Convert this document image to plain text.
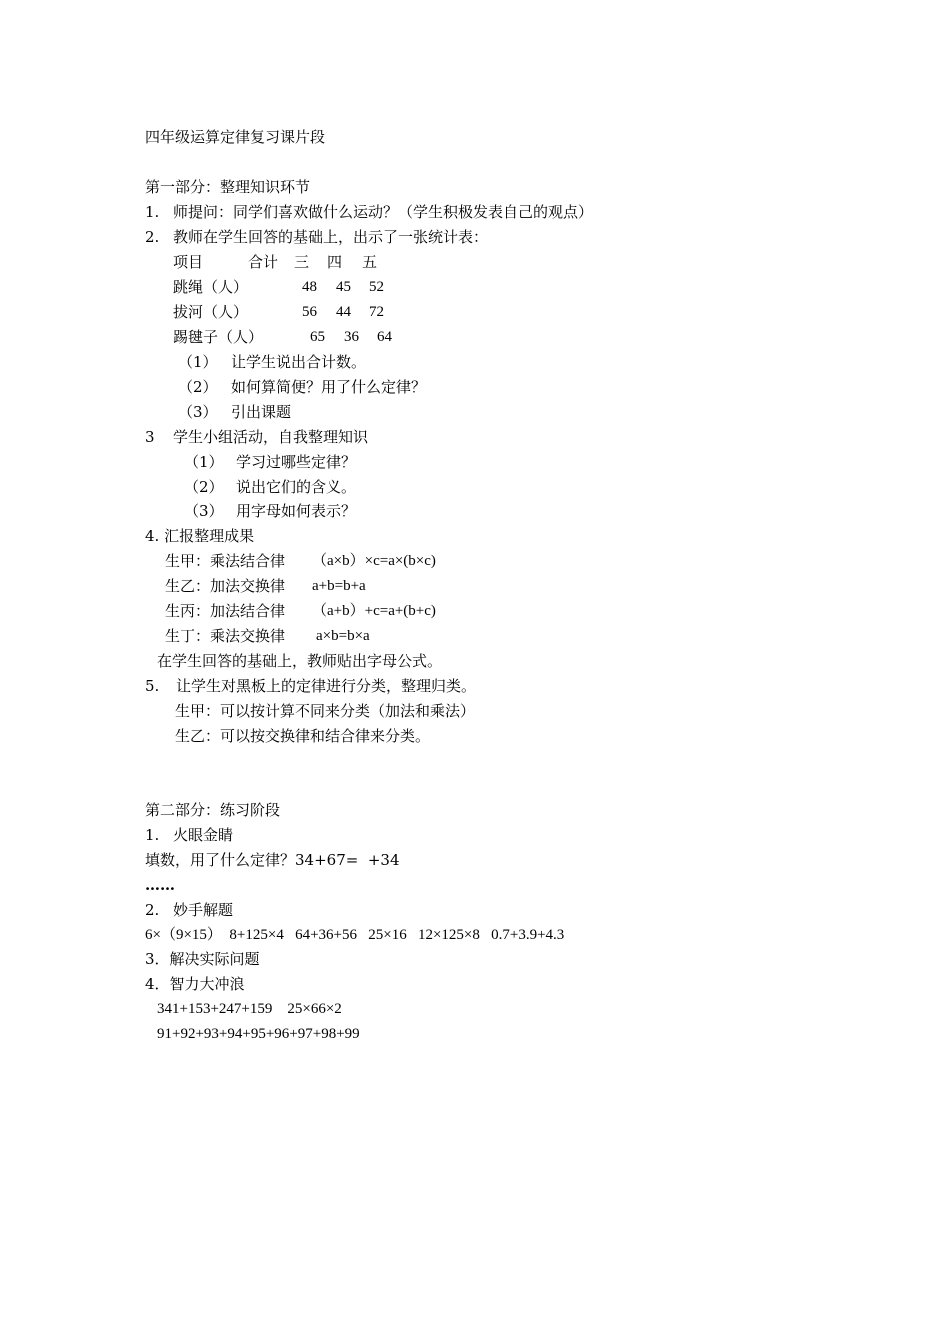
四年级运算定律复习课片段
第一部分：整理知识环节
1. 师提问：同学们喜欢做什么运动？（学生积极发表自己的观点）
2. 教师在学生回答的基础上，出示了一张统计表：
项目	合计 三 四 五
跳绳（人）	48 45 52
拔河（人）	56 44 72
踢毽子（人）	65 36 64
（1） 让学生说出合计数。
（2） 如何算简便？用了什么定律？
（3） 引出课题
3 学生小组活动，自我整理知识
（1） 学习过哪些定律？
（2） 说出它们的含义。
（3） 用字母如何表示？
4. 汇报整理成果
生甲：乘法结合律 （a×b）×c=a×(b×c)
生乙：加法交换律 a+b=b+a
生丙：加法结合律 （a+b）+c=a+(b+c)
生丁：乘法交换律 a×b=b×a
在学生回答的基础上，教师贴出字母公式。
5. 让学生对黑板上的定律进行分类，整理归类。
生甲：可以按计算不同来分类（加法和乘法）
生乙：可以按交换律和结合律来分类。
第二部分：练习阶段
1. 火眼金睛
填数，用了什么定律？34+67=  +34
……
2. 妙手解题
6×（9×15）  8+125×4   64+36+56   25×16   12×125×8   0.7+3.9+4.3
3．解决实际问题
4．智力大冲浪
341+153+247+159    25×66×2
91+92+93+94+95+96+97+98+99
